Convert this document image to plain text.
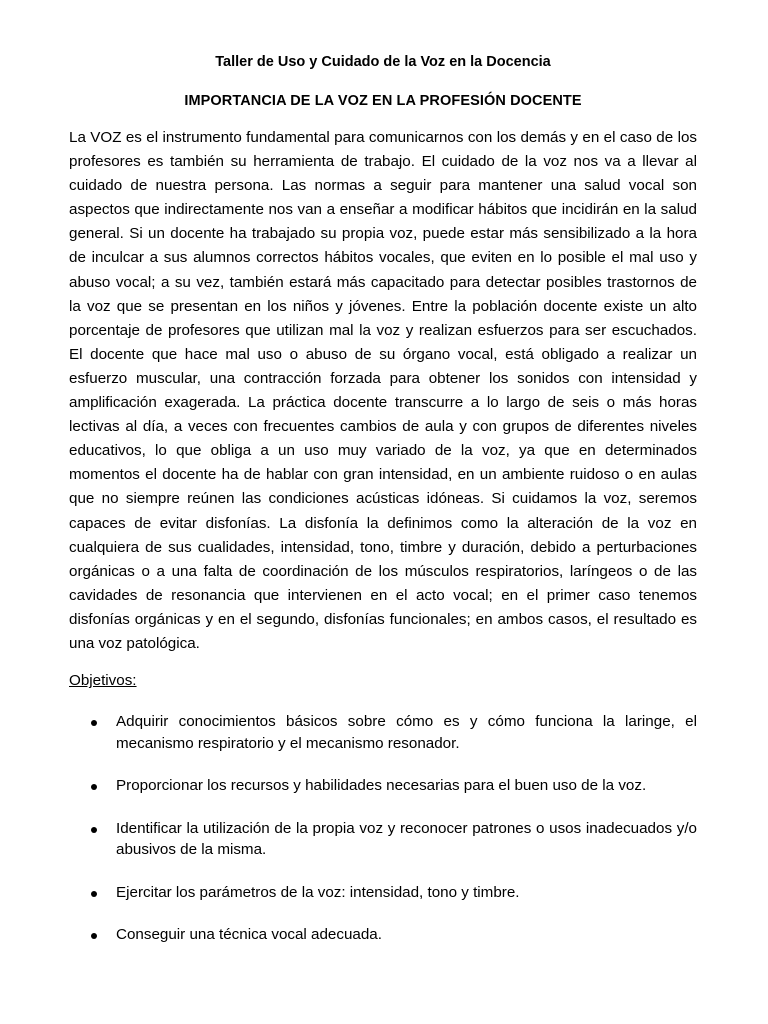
Taller de Uso y Cuidado de la Voz en la Docencia
IMPORTANCIA DE LA VOZ EN LA PROFESIÓN DOCENTE

La VOZ es el instrumento fundamental para comunicarnos con los demás y en el caso de los profesores es también su herramienta de trabajo. El cuidado de la voz nos va a llevar al cuidado de nuestra persona. Las normas a seguir para mantener una salud vocal son aspectos que indirectamente nos van a enseñar a modificar hábitos que incidirán en la salud general. Si un docente ha trabajado su propia voz, puede estar más sensibilizado a la hora de inculcar a sus alumnos correctos hábitos vocales, que eviten en lo posible el mal uso y abuso vocal; a su vez, también estará más capacitado para detectar posibles trastornos de la voz que se presentan en los niños y jóvenes. Entre la población docente existe un alto porcentaje de profesores que utilizan mal la voz y realizan esfuerzos para ser escuchados. El docente que hace mal uso o abuso de su órgano vocal, está obligado a realizar un esfuerzo muscular, una contracción forzada para obtener los sonidos con intensidad y amplificación exagerada. La práctica docente transcurre a lo largo de seis o más horas lectivas al día, a veces con frecuentes cambios de aula y con grupos de diferentes niveles educativos, lo que obliga a un uso muy variado de la voz, ya que en determinados momentos el docente ha de hablar con gran intensidad, en un ambiente ruidoso o en aulas que no siempre reúnen las condiciones acústicas idóneas. Si cuidamos la voz, seremos capaces de evitar disfonías. La disfonía la definimos como la alteración de la voz en cualquiera de sus cualidades, intensidad, tono, timbre y duración, debido a perturbaciones orgánicas o a una falta de coordinación de los músculos respiratorios, laríngeos o de las cavidades de resonancia que intervienen en el acto vocal; en el primer caso tenemos disfonías orgánicas y en el segundo, disfonías funcionales; en ambos casos, el resultado es una voz patológica.

Objetivos:

Adquirir conocimientos básicos sobre cómo es y cómo funciona la laringe, el mecanismo respiratorio y el mecanismo resonador.
Proporcionar los recursos y habilidades necesarias para el buen uso de la voz.
Identificar la utilización de la propia voz y reconocer patrones o usos inadecuados y/o abusivos de la misma.
Ejercitar los parámetros de la voz: intensidad, tono y timbre.
Conseguir una técnica vocal adecuada.
